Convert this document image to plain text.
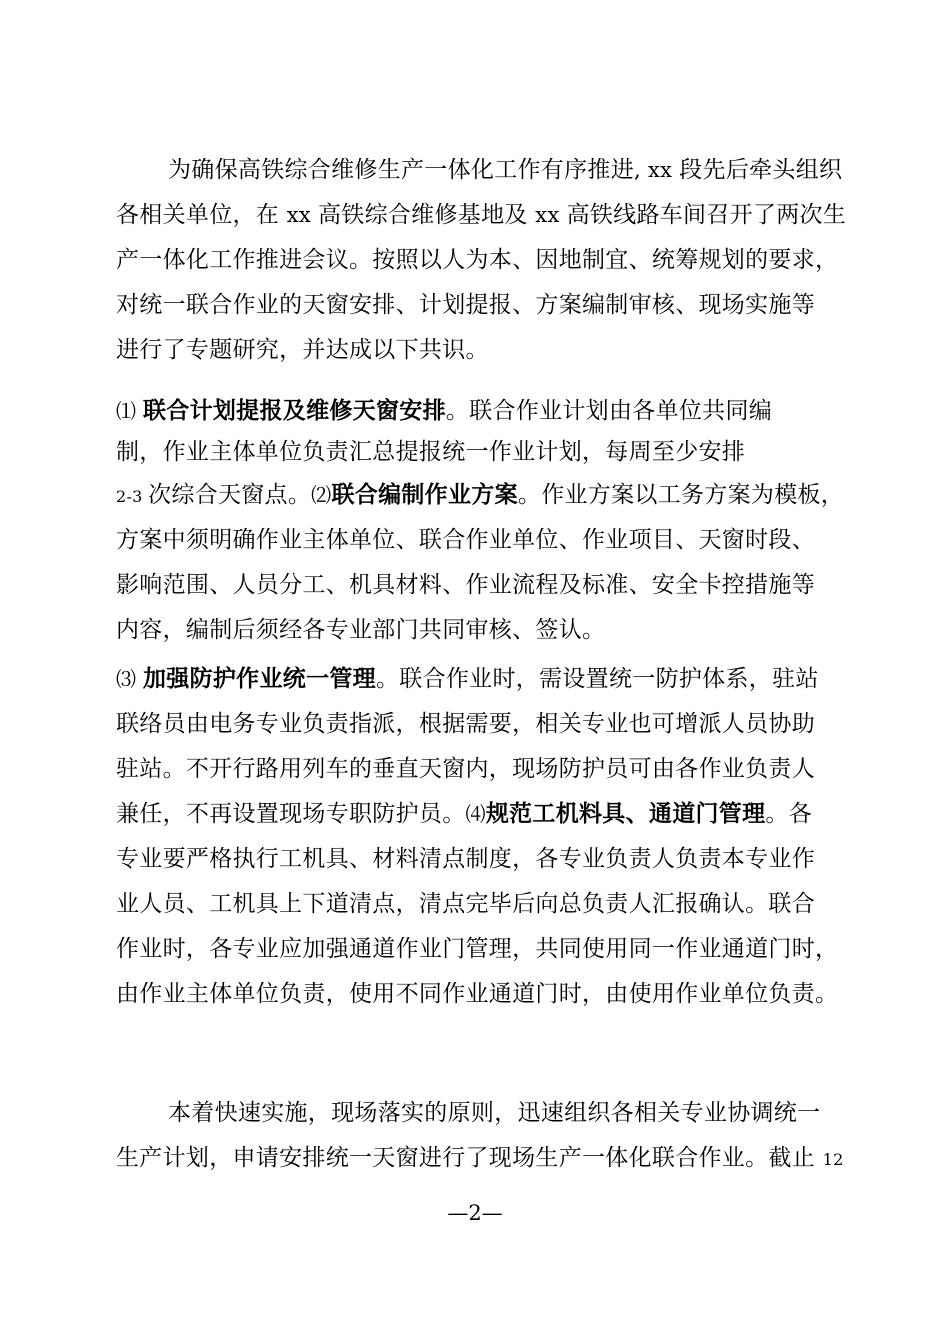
为确保高铁综合维修生产一体化工作有序推进, xx 段先后牵头组织
各相关单位，在 xx 高铁综合维修基地及 xx 高铁线路车间召开了两次生
产一体化工作推进会议。按照以人为本、因地制宜、统筹规划的要求，
对统一联合作业的天窗安排、计划提报、方案编制审核、现场实施等
进行了专题研究，并达成以下共识。

⑴ 联合计划提报及维修天窗安排。联合作业计划由各单位共同编
制，作业主体单位负责汇总提报统一作业计划，每周至少安排
2-3 次综合天窗点。⑵联合编制作业方案。作业方案以工务方案为模板，
方案中须明确作业主体单位、联合作业单位、作业项目、天窗时段、
影响范围、人员分工、机具材料、作业流程及标准、安全卡控措施等
内容，编制后须经各专业部门共同审核、签认。

⑶ 加强防护作业统一管理。联合作业时，需设置统一防护体系，驻站
联络员由电务专业负责指派，根据需要，相关专业也可增派人员协助
驻站。不开行路用列车的垂直天窗内，现场防护员可由各作业负责人
兼任，不再设置现场专职防护员。⑷规范工机料具、通道门管理。各
专业要严格执行工机具、材料清点制度，各专业负责人负责本专业作
业人员、工机具上下道清点，清点完毕后向总负责人汇报确认。联合
作业时，各专业应加强通道作业门管理，共同使用同一作业通道门时，
由作业主体单位负责，使用不同作业通道门时，由使用作业单位负责。

本着快速实施，现场落实的原则，迅速组织各相关专业协调统一
生产计划，申请安排统一天窗进行了现场生产一体化联合作业。截止 12

—2—
